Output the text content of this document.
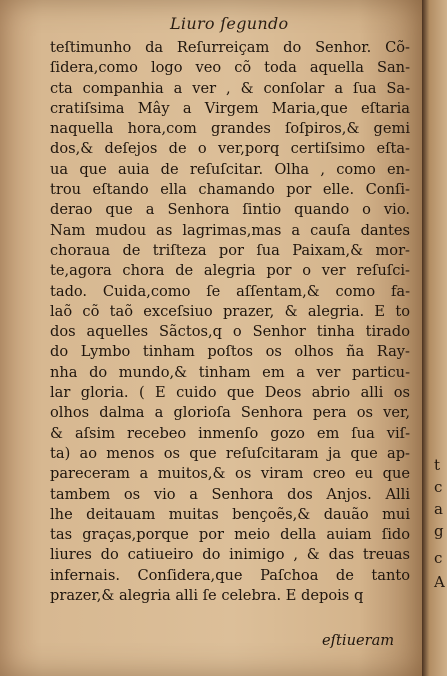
Liuro ſegundo
teſtimunho da Reſurreiçam do Senhor. Cõ-
ſidera,como logo veo cõ toda aquella San-
cta companhia a ver , & conſolar a ſua Sa-
cratiſsima Mây a Virgem Maria,que eſtaria
naquella hora,com grandes ſoſpiros,& gemi
dos,& deſejos de o ver,porq certiſsimo eſta-
ua que auia de reſuſcitar. Olha , como en-
trou eſtando ella chamando por elle. Conſi-
derao que a Senhora ſintio quando o vio.
Nam mudou as lagrimas,mas a cauſa dantes
choraua de triſteza por ſua Paixam,& mor-
te,agora chora de alegria por o ver reſuſci-
tado. Cuida,como ſe aſſentam,& como fa-
laõ cõ taõ exceſsiuo prazer, & alegria. E to
dos aquelles Sãctos,q o Senhor tinha tirado
do Lymbo tinham poſtos os olhos ña Ray-
nha do mundo,& tinham em a ver particu-
lar gloria. ( E cuido que Deos abrio alli os
olhos dalma a glorioſa Senhora pera os ver,
& aſsim recebeo inmenſo gozo em ſua viſ-
ta) ao menos os que reſuſcitaram ja que ap-
pareceram a muitos,& os viram creo eu que
tambem os vio a Senhora dos Anjos. Alli
lhe deitauam muitas bençoẽs,& dauão mui
tas graças,porque por meio della auiam ſido
liures do catiueiro do inimigo , & das treuas
infernais. Conſidera,que Paſchoa de tanto
prazer,& alegria alli ſe celebra. E depois q
eſtiueram
t
c
a
g
c
A
